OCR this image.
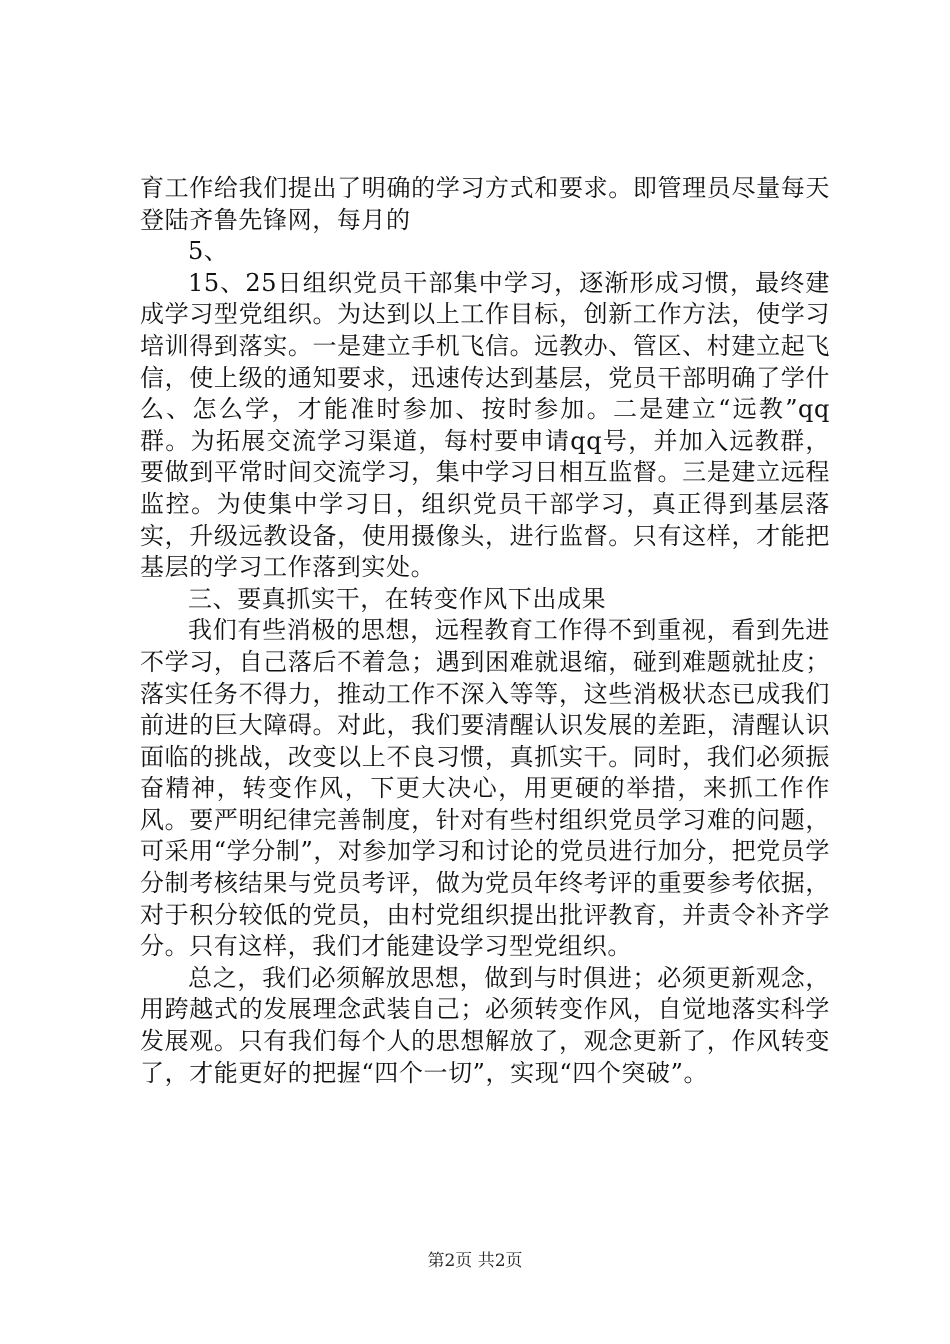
育工作给我们提出了明确的学习方式和要求。即管理员尽量每天登陆齐鲁先锋网，每月的

5、

15、25日组织党员干部集中学习，逐渐形成习惯，最终建成学习型党组织。为达到以上工作目标，创新工作方法，使学习培训得到落实。一是建立手机飞信。远教办、管区、村建立起飞信，使上级的通知要求，迅速传达到基层，党员干部明确了学什么、怎么学，才能准时参加、按时参加。二是建立“远教”qq群。为拓展交流学习渠道，每村要申请qq号，并加入远教群，要做到平常时间交流学习，集中学习日相互监督。三是建立远程监控。为使集中学习日，组织党员干部学习，真正得到基层落实，升级远教设备，使用摄像头，进行监督。只有这样，才能把基层的学习工作落到实处。

三、要真抓实干，在转变作风下出成果

我们有些消极的思想，远程教育工作得不到重视，看到先进不学习，自己落后不着急；遇到困难就退缩，碰到难题就扯皮；落实任务不得力，推动工作不深入等等，这些消极状态已成我们前进的巨大障碍。对此，我们要清醒认识发展的差距，清醒认识面临的挑战，改变以上不良习惯，真抓实干。同时，我们必须振奋精神，转变作风，下更大决心，用更硬的举措，来抓工作作风。要严明纪律完善制度，针对有些村组织党员学习难的问题，可采用“学分制”，对参加学习和讨论的党员进行加分，把党员学分制考核结果与党员考评，做为党员年终考评的重要参考依据，对于积分较低的党员，由村党组织提出批评教育，并责令补齐学分。只有这样，我们才能建设学习型党组织。

总之，我们必须解放思想，做到与时俱进；必须更新观念，用跨越式的发展理念武装自己；必须转变作风，自觉地落实科学发展观。只有我们每个人的思想解放了，观念更新了，作风转变了，才能更好的把握“四个一切”，实现“四个突破”。

第2页 共2页
